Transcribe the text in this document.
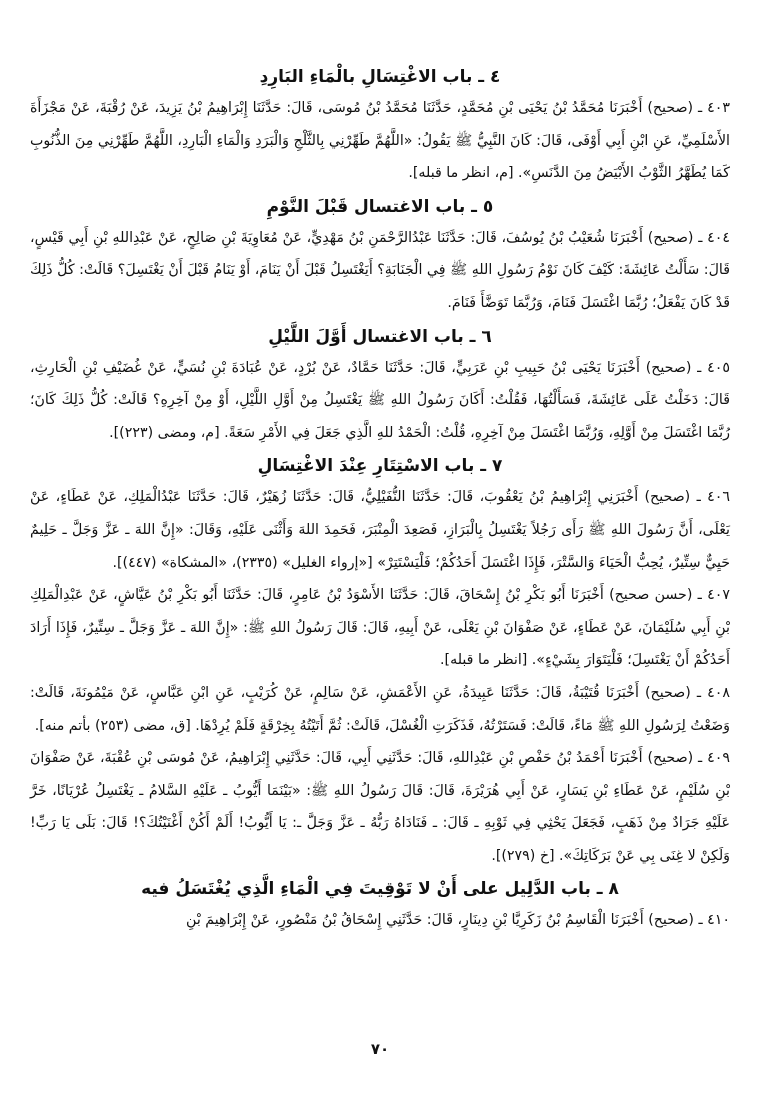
٤ ـ باب الاغْتِسَالِ بالْمَاءِ البَارِدِ

٤٠٣ ـ (صحيح) أَخْبَرَنَا مُحَمَّدُ بْنُ يَحْيَى بْنِ مُحَمَّدٍ، حَدَّثَنَا مُحَمَّدُ بْنُ مُوسَى، قَالَ: حَدَّثَنَا إِبْرَاهِيمُ بْنُ يَزِيدَ، عَنْ رُقْبَةَ، عَنْ مَجْزَأَةَ الأَسْلَمِيِّ، عَنِ ابْنِ أَبِي أَوْفَى، قَالَ: كَانَ النَّبِيُّ ﷺ يَقُولُ: «اللَّهُمَّ طَهِّرْنِي بِالثَّلْجِ وَالْبَرَدِ وَالْمَاءِ الْبَارِدِ، اللَّهُمَّ طَهِّرْنِي مِنَ الذُّنُوبِ كَمَا يُطَهَّرُ الثَّوْبُ الأَبْيَضُ مِنَ الدَّنَسِ». [م، انظر ما قبله].

٥ ـ باب الاغتسال قَبْلَ النَّوْمِ

٤٠٤ ـ (صحيح) أَخْبَرَنَا شُعَيْبُ بْنُ يُوسُفَ، قَالَ: حَدَّثَنَا عَبْدُالرَّحْمَنِ بْنُ مَهْدِيٍّ، عَنْ مُعَاوِيَةَ بْنِ صَالِحٍ، عَنْ عَبْدِاللهِ بْنِ أَبِي قَيْسٍ، قَالَ: سَأَلْتُ عَائِشَةَ: كَيْفَ كَانَ نَوْمُ رَسُولِ اللهِ ﷺ فِي الْجَنَابَةِ؟ أَيَغْتَسِلُ قَبْلَ أَنْ يَنَامَ، أَوْ يَنَامُ قَبْلَ أَنْ يَغْتَسِلَ؟ قَالَتْ: كُلُّ ذَلِكَ قَدْ كَانَ يَفْعَلُ؛ رُبَّمَا اغْتَسَلَ فَنَامَ، وَرُبَّمَا تَوَضَّأَ فَنَامَ.

٦ ـ باب الاغتسال أَوَّلَ اللَّيْلِ

٤٠٥ ـ (صحيح) أَخْبَرَنَا يَحْيَى بْنُ حَبِيبِ بْنِ عَرَبِيٍّ، قَالَ: حَدَّثَنَا حَمَّادٌ، عَنْ بُرْدٍ، عَنْ عُبَادَةَ بْنِ نُسَيٍّ، عَنْ غُضَيْفِ بْنِ الْحَارِثِ، قَالَ: دَخَلْتُ عَلَى عَائِشَةَ، فَسَأَلْتُهَا، فَقُلْتُ: أَكَانَ رَسُولُ اللهِ ﷺ يَغْتَسِلُ مِنْ أَوَّلِ اللَّيْلِ، أَوْ مِنْ آخِرِهِ؟ قَالَتْ: كُلُّ ذَلِكَ كَانَ؛ رُبَّمَا اغْتَسَلَ مِنْ أَوَّلِهِ، وَرُبَّمَا اغْتَسَلَ مِنْ آخِرِهِ، قُلْتُ: الْحَمْدُ للهِ الَّذِي جَعَلَ فِي الأَمْرِ سَعَةً. [م، ومضى (٢٢٣)].

٧ ـ باب الاسْتِتَارِ عِنْدَ الاغْتِسَالِ

٤٠٦ ـ (صحيح) أَخْبَرَنِي إِبْرَاهِيمُ بْنُ يَعْقُوبَ، قَالَ: حَدَّثَنَا النُّفَيْلِيُّ، قَالَ: حَدَّثَنَا زُهَيْرٌ، قَالَ: حَدَّثَنَا عَبْدُالْمَلِكِ، عَنْ عَطَاءٍ، عَنْ يَعْلَى، أَنَّ رَسُولَ اللهِ ﷺ رَأَى رَجُلاً يَغْتَسِلُ بِالْبَرَازِ، فَصَعِدَ الْمِنْبَرَ، فَحَمِدَ اللهَ وَأَثْنَى عَلَيْهِ، وَقَالَ: «إِنَّ اللهَ ـ عَزَّ وَجَلَّ ـ حَلِيمٌ حَيِيٌّ سِتِّيرٌ، يُحِبُّ الْحَيَاءَ وَالسَّتْرَ، فَإِذَا اغْتَسَلَ أَحَدُكُمْ؛ فَلْيَسْتَتِرْ» [«إرواء الغليل» (٢٣٣٥)، «المشكاة» (٤٤٧)].

٤٠٧ ـ (حسن صحيح) أَخْبَرَنَا أَبُو بَكْرِ بْنُ إِسْحَاقَ، قَالَ: حَدَّثَنَا الأَسْوَدُ بْنُ عَامِرٍ، قَالَ: حَدَّثَنَا أَبُو بَكْرِ بْنُ عَيَّاشٍ، عَنْ عَبْدِالْمَلِكِ بْنِ أَبِي سُلَيْمَانَ، عَنْ عَطَاءٍ، عَنْ صَفْوَانَ بْنِ يَعْلَى، عَنْ أَبِيهِ، قَالَ: قَالَ رَسُولُ اللهِ ﷺ: «إِنَّ اللهَ ـ عَزَّ وَجَلَّ ـ سِتِّيرٌ، فَإِذَا أَرَادَ أَحَدُكُمْ أَنْ يَغْتَسِلَ؛ فَلْيَتَوَارَ بِشَيْءٍ». [انظر ما قبله].

٤٠٨ ـ (صحيح) أَخْبَرَنَا قُتَيْبَةُ، قَالَ: حَدَّثَنَا عَبِيدَةُ، عَنِ الأَعْمَشِ، عَنْ سَالِمٍ، عَنْ كُرَيْبٍ، عَنِ ابْنِ عَبَّاسٍ، عَنْ مَيْمُونَةَ، قَالَتْ: وَضَعْتُ لِرَسُولِ اللهِ ﷺ مَاءً، قَالَتْ: فَسَتَرْتُهُ، فَذَكَرَتِ الْغُسْلَ، قَالَتْ: ثُمَّ أَتَيْتُهُ بِخِرْقَةٍ فَلَمْ يُرِدْهَا. [ق، مضى (٢٥٣) بأتم منه].

٤٠٩ ـ (صحيح) أَخْبَرَنَا أَحْمَدُ بْنُ حَفْصِ بْنِ عَبْدِاللهِ، قَالَ: حَدَّثَنِي أَبِي، قَالَ: حَدَّثَنِي إِبْرَاهِيمُ، عَنْ مُوسَى بْنِ عُقْبَةَ، عَنْ صَفْوَانَ بْنِ سُلَيْمٍ، عَنْ عَطَاءِ بْنِ يَسَارٍ، عَنْ أَبِي هُرَيْرَةَ، قَالَ: قَالَ رَسُولُ اللهِ ﷺ: «بَيْنَمَا أَيُّوبُ ـ عَلَيْهِ السَّلامُ ـ يَغْتَسِلُ عُرْيَانًا، خَرَّ عَلَيْهِ جَرَادٌ مِنْ ذَهَبٍ، فَجَعَلَ يَحْثِي فِي ثَوْبِهِ ـ قَالَ: ـ فَنَادَاهُ رَبُّهُ ـ عَزَّ وَجَلَّ ـ: يَا أَيُّوبُ! أَلَمْ أَكُنْ أَغْنَيْتُكَ؟! قَالَ: بَلَى يَا رَبِّ! وَلَكِنْ لا غِنَى بِي عَنْ بَرَكَاتِكَ». [خ (٢٧٩)].

٨ ـ باب الدَّلِيل على أَنْ لا تَوْقِيتَ فِي الْمَاءِ الَّذِي يُغْتَسَلُ فيه

٤١٠ ـ (صحيح) أَخْبَرَنَا الْقَاسِمُ بْنُ زَكَرِيَّا بْنِ دِينَارٍ، قَالَ: حَدَّثَنِي إِسْحَاقُ بْنُ مَنْصُورٍ، عَنْ إِبْرَاهِيمَ بْنِ

٧٠
